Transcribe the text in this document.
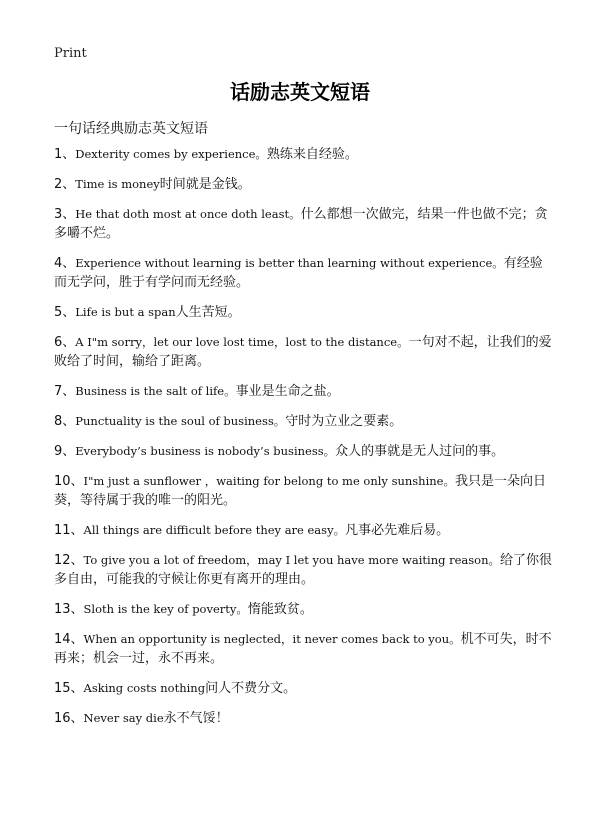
Print
话励志英文短语
一句话经典励志英文短语
1、Dexterity comes by experience。熟练来自经验。
2、Time is money时间就是金钱。
3、He that doth most at once doth least。什么都想一次做完，结果一件也做不完；贪多嚼不烂。
4、Experience without learning is better than learning without experience。有经验而无学问，胜于有学问而无经验。
5、Life is but a span人生苦短。
6、A I"m sorry，let our love lost time，lost to the distance。一句对不起，让我们的爱败给了时间，输给了距离。
7、Business is the salt of life。事业是生命之盐。
8、Punctuality is the soul of business。守时为立业之要素。
9、Everybody’s business is nobody’s business。众人的事就是无人过问的事。
10、I"m just a sunflower ，waiting for belong to me only sunshine。我只是一朵向日葵，等待属于我的唯一的阳光。
11、All things are difficult before they are easy。凡事必先难后易。
12、To give you a lot of freedom，may I let you have more waiting reason。给了你很多自由，可能我的守候让你更有离开的理由。
13、Sloth is the key of poverty。惰能致贫。
14、When an opportunity is neglected，it never comes back to you。机不可失，时不再来；机会一过，永不再来。
15、Asking costs nothing问人不费分文。
16、Never say die永不气馁！
